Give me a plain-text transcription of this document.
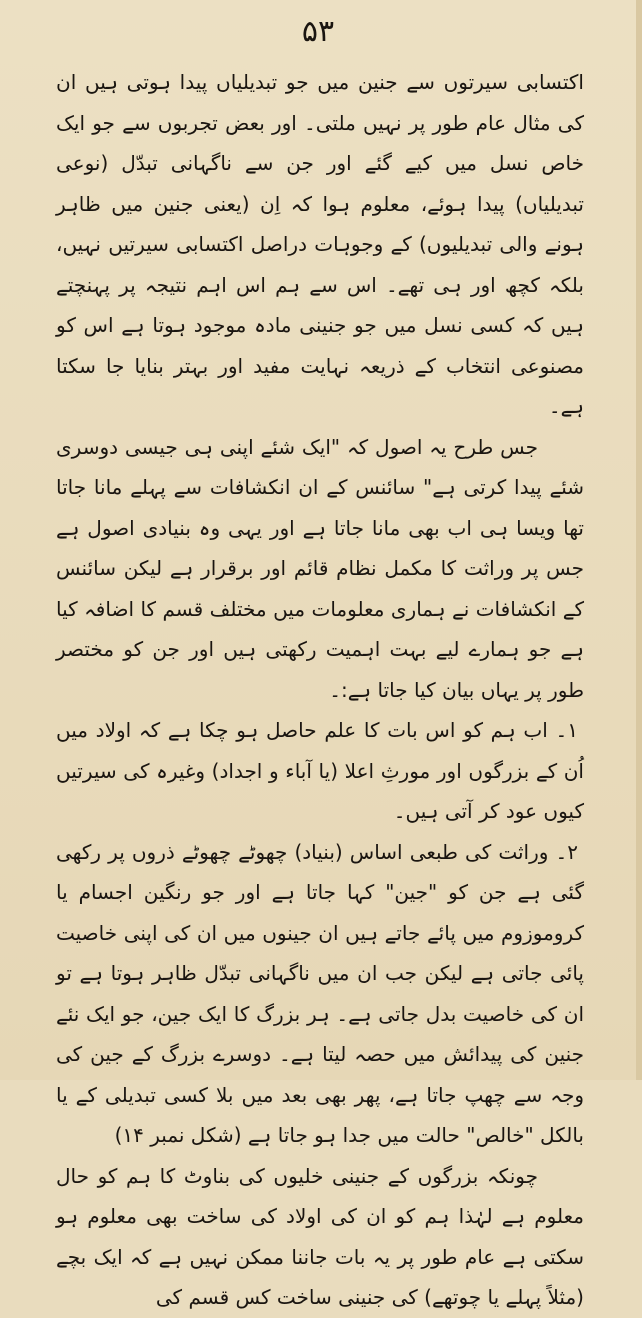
۵۳

اکتسابی سیرتوں سے جنین میں جو تبدیلیاں پیدا ہوتی ہیں ان کی مثال عام طور پر نہیں ملتی۔ اور بعض تجربوں سے جو ایک خاص نسل میں کیے گئے اور جن سے ناگہانی تبدّل (نوعی تبدیلیاں) پیدا ہوئے، معلوم ہوا کہ اِن (یعنی جنین میں ظاہر ہونے والی تبدیلیوں) کے وجوہات دراصل اکتسابی سیرتیں نہیں، بلکہ کچھ اور ہی تھے۔ اس سے ہم اس اہم نتیجہ پر پہنچتے ہیں کہ کسی نسل میں جو جنینی مادہ موجود ہوتا ہے اس کو مصنوعی انتخاب کے ذریعہ نہایت مفید اور بہتر بنایا جا سکتا ہے۔

جس طرح یہ اصول کہ "ایک شئے اپنی ہی جیسی دوسری شئے پیدا کرتی ہے" سائنس کے ان انکشافات سے پہلے مانا جاتا تھا ویسا ہی اب بھی مانا جاتا ہے اور یہی وہ بنیادی اصول ہے جس پر وراثت کا مکمل نظام قائم اور برقرار ہے لیکن سائنس کے انکشافات نے ہماری معلومات میں مختلف قسم کا اضافہ کیا ہے جو ہمارے لیے بہت اہمیت رکھتی ہیں اور جن کو مختصر طور پر یہاں بیان کیا جاتا ہے:۔

۱۔ اب ہم کو اس بات کا علم حاصل ہو چکا ہے کہ اولاد میں اُن کے بزرگوں اور مورثِ اعلا (یا آباء و اجداد) وغیرہ کی سیرتیں کیوں عود کر آتی ہیں۔

۲۔ وراثت کی طبعی اساس (بنیاد) چھوٹے چھوٹے ذروں پر رکھی گئی ہے جن کو "جین" کہا جاتا ہے اور جو رنگین اجسام یا کروموزوم میں پائے جاتے ہیں ان جینوں میں ان کی اپنی خاصیت پائی جاتی ہے لیکن جب ان میں ناگہانی تبدّل ظاہر ہوتا ہے تو ان کی خاصیت بدل جاتی ہے۔ ہر بزرگ کا ایک جین، جو ایک نئے جنین کی پیدائش میں حصہ لیتا ہے۔ دوسرے بزرگ کے جین کی وجہ سے چھپ جاتا ہے، پھر بھی بعد میں بلا کسی تبدیلی کے یا بالکل "خالص" حالت میں جدا ہو جاتا ہے (شکل نمبر ۱۴)

چونکہ بزرگوں کے جنینی خلیوں کی بناوٹ کا ہم کو حال معلوم ہے لہٰذا ہم کو ان کی اولاد کی ساخت بھی معلوم ہو سکتی ہے عام طور پر یہ بات جاننا ممکن نہیں ہے کہ ایک بچے (مثلاً پہلے یا چوتھے) کی جنینی ساخت کس قسم کی
